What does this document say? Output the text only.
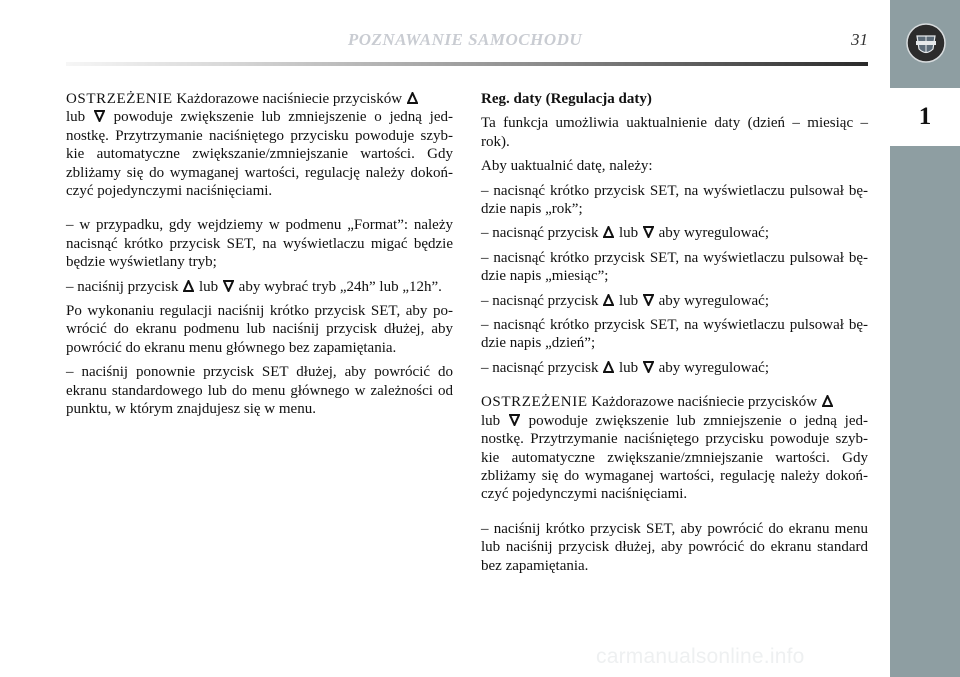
POZNAWANIE SAMOCHODU	31
1

OSTRZEŻENIE Każdorazowe naciśniecie przycisków

lub
powoduje zwiększenie lub zmniejszenie o jedną jednostkę. Przytrzymanie naciśniętego przycisku powoduje szybkie automatyczne zwiększanie/zmniejszanie wartości. Gdy zbliżamy się do wymaganej wartości, regulację należy dokończyć pojedynczymi naciśnięciami.

– w przypadku, gdy wejdziemy w podmenu „Format”: należy nacisnąć krótko przycisk SET, na wyświetlaczu migać będzie będzie wyświetlany tryb;

– naciśnij przycisk
lub
aby wybrać tryb „24h” lub „12h”.

Po wykonaniu regulacji naciśnij krótko przycisk SET, aby powrócić do ekranu podmenu lub naciśnij przycisk dłużej, aby powrócić do ekranu menu głównego bez zapamiętania.

– naciśnij ponownie przycisk SET dłużej, aby powrócić do ekranu standardowego lub do menu głównego w zależności od punktu, w którym znajdujesz się w menu.

Reg. daty (Regulacja daty)

Ta funkcja umożliwia uaktualnienie daty (dzień – miesiąc – rok).

Aby uaktualnić datę, należy:

– nacisnąć krótko przycisk SET, na wyświetlaczu pulsował będzie napis „rok”;

– nacisnąć przycisk
lub
aby wyregulować;

– nacisnąć krótko przycisk SET, na wyświetlaczu pulsował będzie napis „miesiąc”;

– nacisnąć przycisk
lub
aby wyregulować;

– nacisnąć krótko przycisk SET, na wyświetlaczu pulsował będzie napis „dzień”;

– nacisnąć przycisk
lub
aby wyregulować;

OSTRZEŻENIE Każdorazowe naciśniecie przycisków

lub
powoduje zwiększenie lub zmniejszenie o jedną jednostkę. Przytrzymanie naciśniętego przycisku powoduje szybkie automatyczne zwiększanie/zmniejszanie wartości. Gdy zbliżamy się do wymaganej wartości, regulację należy dokończyć pojedynczymi naciśnięciami.

– naciśnij krótko przycisk SET, aby powrócić do ekranu menu lub naciśnij przycisk dłużej, aby powrócić do ekranu standard bez zapamiętania.

carmanualsonline.info
